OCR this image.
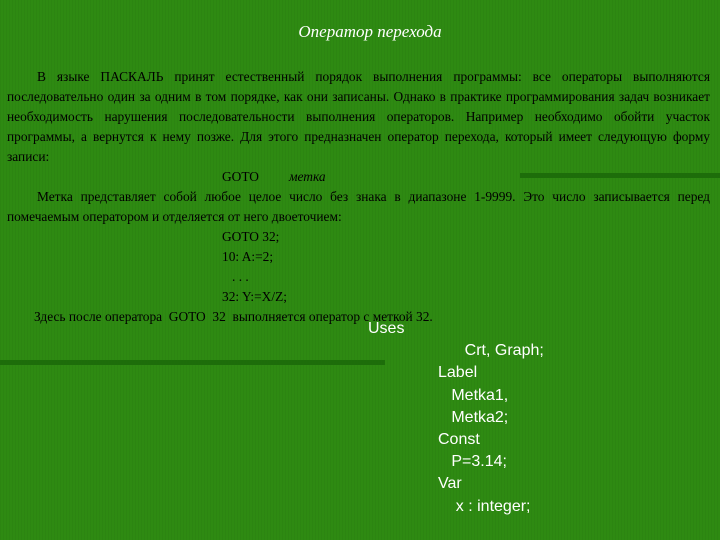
Оператор перехода

В языке ПАСКАЛЬ принят естественный порядок выполнения программы: все операторы выполняются последовательно один за одним в том порядке, как они записаны. Однако в практике программирования задач возникает необходимость нарушения последовательности выполнения операторов. Например необходимо обойти участок программы, а вернутся к нему позже. Для этого предназначен оператор перехода, который имеет следующую форму записи:

GOTO метка

Метка представляет собой любое целое число без знака в диапазоне 1-9999. Это число записывается перед помечаемым оператором и отделяется от него двоеточием:

GOTO 32;
10: A:=2;
. . .
32: Y:=X/Z;
Здесь после оператора  GOTO  32  выполняется оператор с меткой 32.
Uses
Crt, Graph;
Label
Metka1,
Metka2;
Const
P=3.14;
Var
x : integer;
